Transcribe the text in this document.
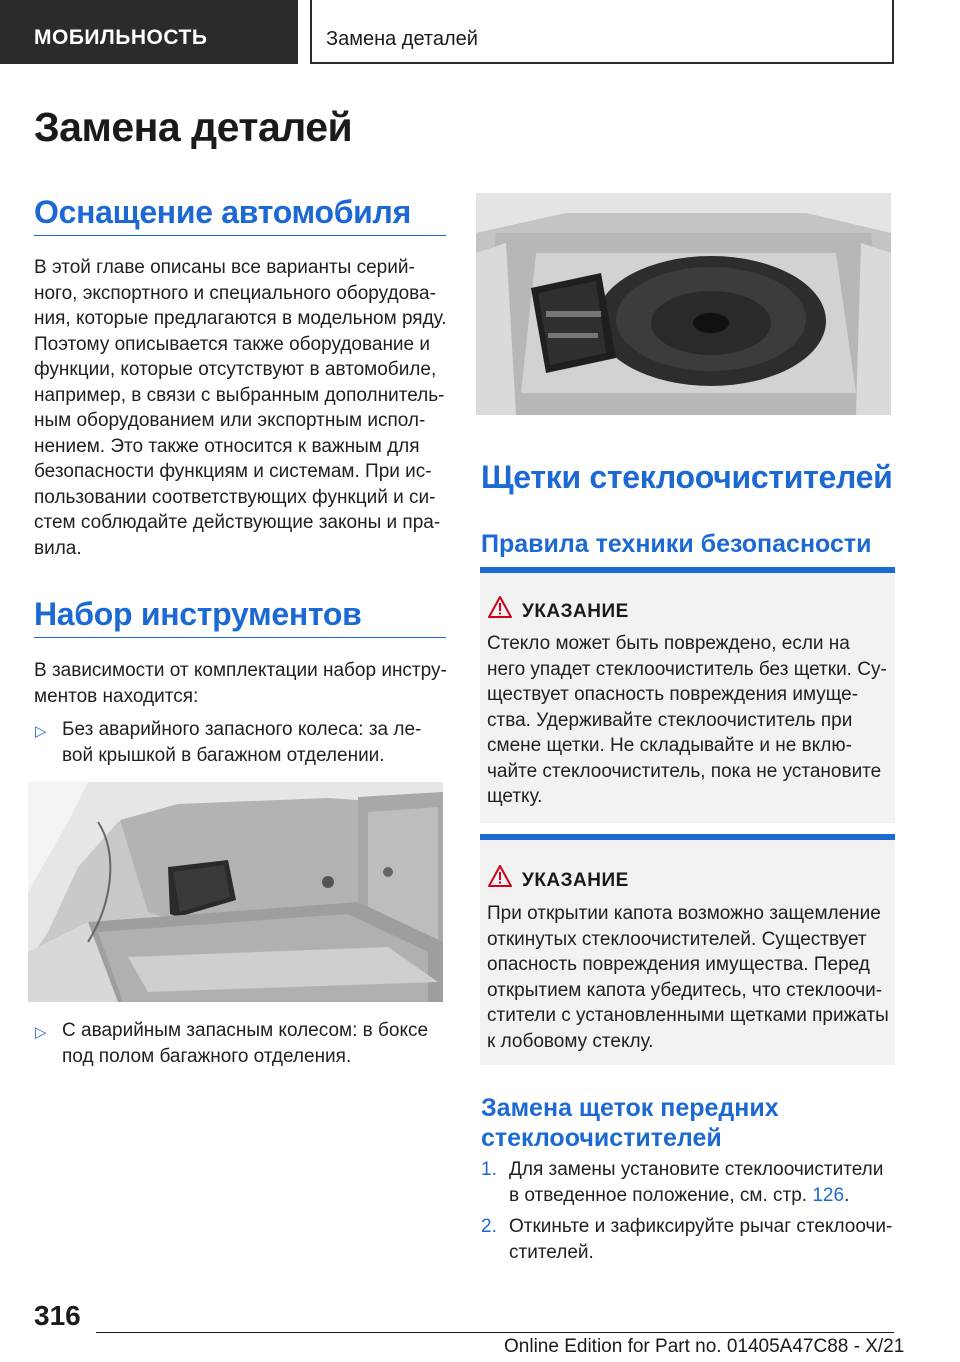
МОБИЛЬНОСТЬ	Замена деталей
Замена деталей
Оснащение автомобиля
В этой главе описаны все варианты серий-
ного, экспортного и специального оборудова-
ния, которые предлагаются в модельном ряду.
Поэтому описывается также оборудование и
функции, которые отсутствуют в автомобиле,
например, в связи с выбранным дополнитель-
ным оборудованием или экспортным испол-
нением. Это также относится к важным для
безопасности функциям и системам. При ис-
пользовании соответствующих функций и си-
стем соблюдайте действующие законы и пра-
вила.
Набор инструментов
В зависимости от комплектации набор инстру-
ментов находится:
▷ Без аварийного запасного колеса: за ле-
вой крышкой в багажном отделении.
▷ С аварийным запасным колесом: в боксе
под полом багажного отделения.
Щетки стеклоочистителей
Правила техники безопасности
УКАЗАНИЕ
Стекло может быть повреждено, если на
него упадет стеклоочиститель без щетки. Су-
ществует опасность повреждения имуще-
ства. Удерживайте стеклоочиститель при
смене щетки. Не складывайте и не вклю-
чайте стеклоочиститель, пока не установите
щетку.
УКАЗАНИЕ
При открытии капота возможно защемление
откинутых стеклоочистителей. Существует
опасность повреждения имущества. Перед
открытием капота убедитесь, что стеклоочи-
стители с установленными щетками прижаты
к лобовому стеклу.
Замена щеток передних
стеклоочистителей
1. Для замены установите стеклоочистители
в отведенное положение, см. стр. 126.
2. Откиньте и зафиксируйте рычаг стеклоочи-
стителей.
316
Online Edition for Part no. 01405A47C88 - X/21
